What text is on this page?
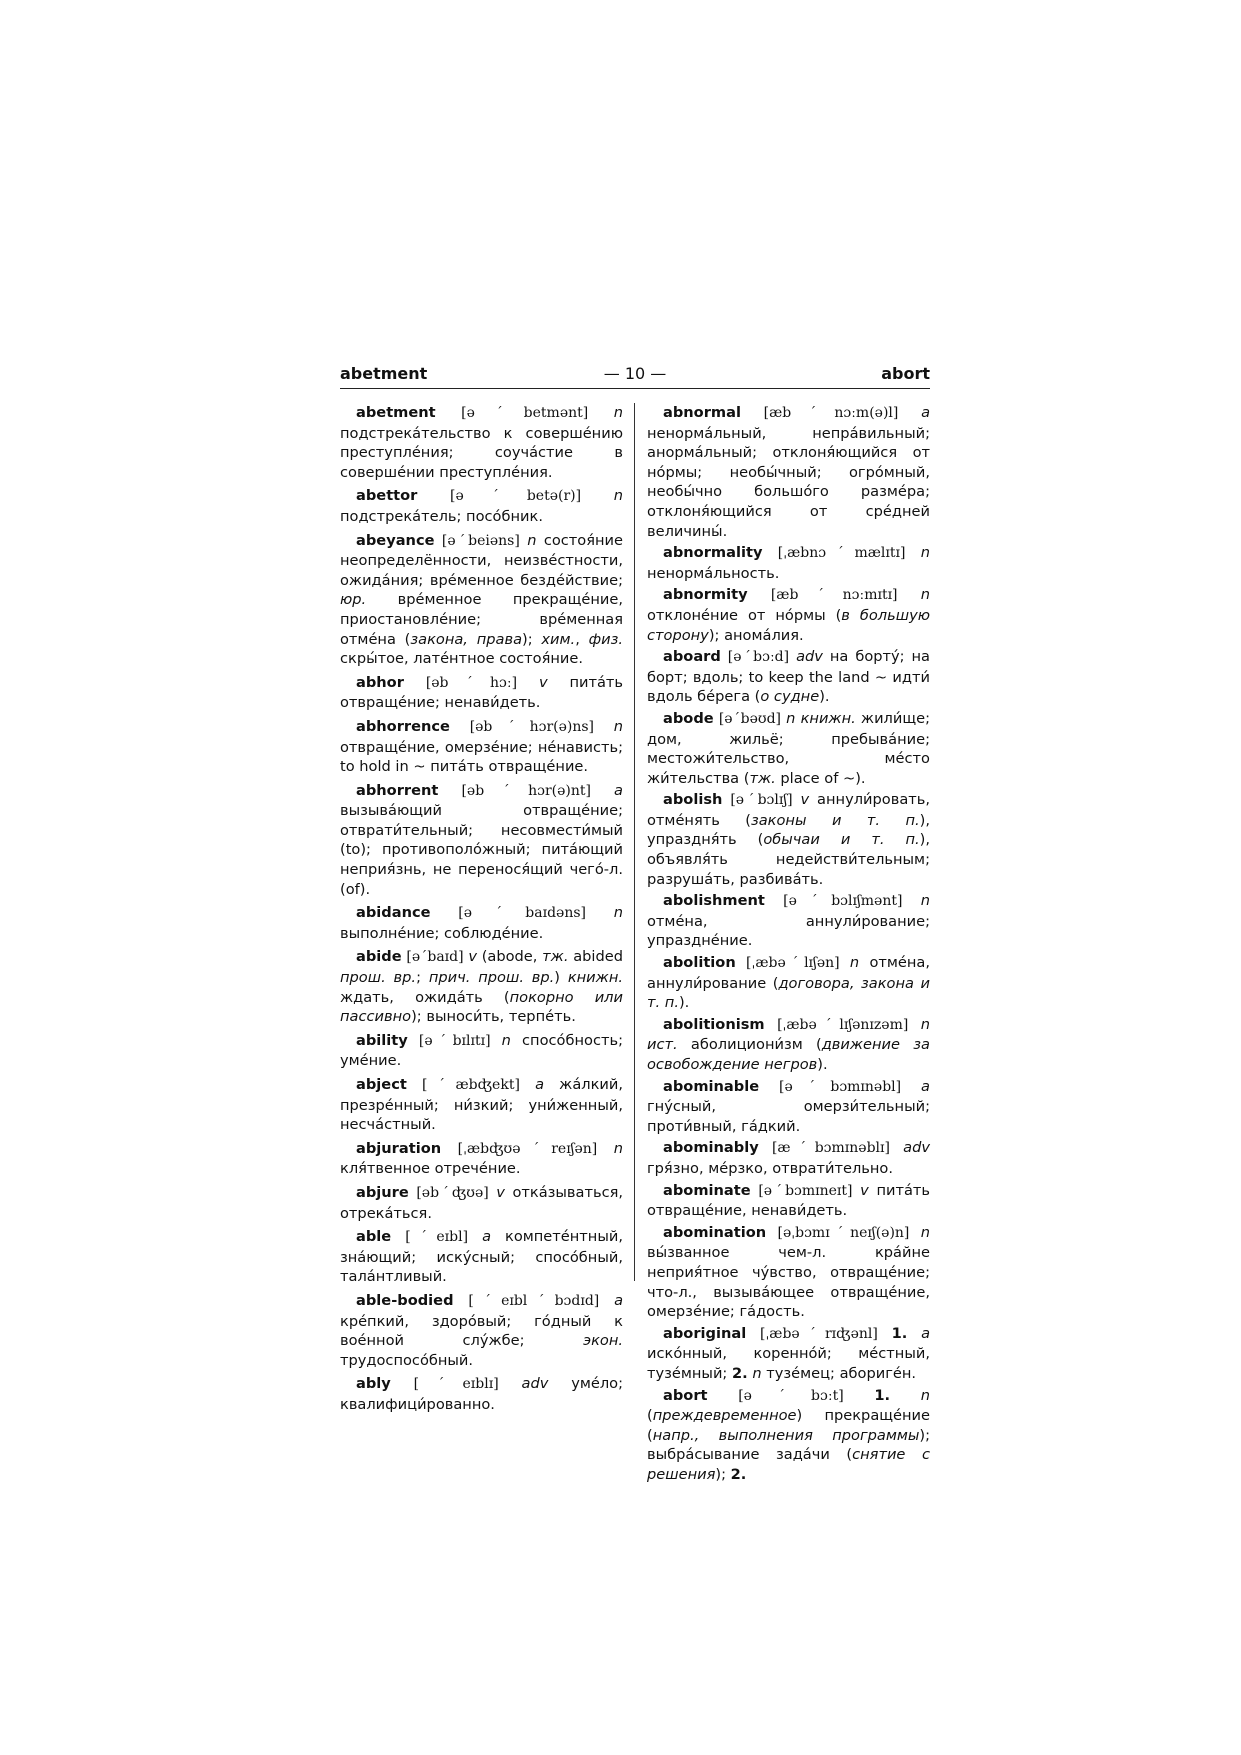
abetment	— 10 —	abort

abetment [əˊbetmənt] n подстрека́тельство к соверше́нию преступле́ния; соуча́стие в соверше́нии преступле́ния.

abettor [əˊbetə(r)] n подстрека́тель; посо́бник.

abeyance [əˊbeiəns] n состоя́ние неопределённости, неизве́стности, ожида́ния; вре́менное безде́йствие; юр. вре́менное прекраще́ние, приостановле́ние; вре́менная отме́на (закона, права); хим., физ. скры́тое, лате́нтное состоя́ние.

abhor [əbˊhɔː] v пита́ть отвраще́ние; ненави́деть.

abhorrence [əbˊhɔr(ə)ns] n отвраще́ние, омерзе́ние; не́нависть; to hold in ~ пита́ть отвраще́ние.

abhorrent [əbˊhɔr(ə)nt] a вызыва́ющий отвраще́ние; отврати́тельный; несовмести́мый (to); противополо́жный; пита́ющий неприя́знь, не перенося́щий чего́-л. (of).

abidance [əˊbaɪdəns] n выполне́ние; соблюде́ние.

abide [əˊbaɪd] v (abode, тж. abided прош. вр.; прич. прош. вр.) книжн. ждать, ожида́ть (покорно или пассивно); выноси́ть, терпе́ть.

ability [əˊbɪlɪtɪ] n спосо́бность; уме́ние.

abject [ˊæbʤekt] a жа́лкий, презре́нный; ни́зкий; уни́женный, несча́стный.

abjuration [ˌæbʤʊəˊreɪʃən] n кля́твенное отрече́ние.

abjure [əbˊʤʊə] v отка́зываться, отрека́ться.

able [ˊeɪbl] a компете́нтный, зна́ющий; иску́сный; спосо́бный, тала́нтливый.

able-bodied [ˊeɪblˊbɔdɪd] a кре́пкий, здоро́вый; го́дный к вое́нной слу́жбе; экон. трудоспосо́бный.

ably [ˊeɪblɪ] adv уме́ло; квалифици́рованно.

abnormal [æbˊnɔːm(ə)l] a ненорма́льный, непра́вильный; анорма́льный; отклоня́ющийся от но́рмы; необы́чный; огро́мный, необы́чно большо́го разме́ра; отклоня́ющийся от сре́дней величины́.

abnormality [ˌæbnɔˊmælɪtɪ] n ненорма́льность.

abnormity [æbˊnɔːmɪtɪ] n отклоне́ние от но́рмы (в большую сторону); анома́лия.

aboard [əˊbɔːd] adv на борту́; на борт; вдоль; to keep the land ~ идти́ вдоль бе́рега (о судне).

abode [əˊbəʊd] n книжн. жили́ще; дом, жильё; пребыва́ние; местожи́тельство, ме́сто жи́тельства (тж. place of ~).

abolish [əˊbɔlɪʃ] v аннули́ровать, отме́нять (законы и т. п.), упраздня́ть (обычаи и т. п.), объявля́ть недействи́тельным; разруша́ть, разбива́ть.

abolishment [əˊbɔlɪʃmənt] n отме́на, аннули́рование; упраздне́ние.

abolition [ˌæbəˊlɪʃən] n отме́на, аннули́рование (договора, закона и т. п.).

abolitionism [ˌæbəˊlɪʃənɪzəm] n ист. аболициони́зм (движение за освобождение негров).

abominable [əˊbɔmɪnəbl] a гну́сный, омерзи́тельный; проти́вный, га́дкий.

abominably [æˊbɔmɪnəblɪ] adv гря́зно, ме́рзко, отврати́тельно.

abominate [əˊbɔmɪneɪt] v пита́ть отвраще́ние, ненави́деть.

abomination [əˌbɔmɪˊneɪʃ(ə)n] n вы́званное чем-л. кра́йне неприя́тное чу́вство, отвраще́ние; что-л., вызыва́ющее отвраще́ние, омерзе́ние; га́дость.

aboriginal [ˌæbəˊrɪʤənl] 1. a иско́нный, коренно́й; ме́стный, тузе́мный; 2. n тузе́мец; абориге́н.

abort [əˊbɔːt] 1. n (преждевременное) прекраще́ние (напр., выполнения программы); выбра́сывание зада́чи (снятие с решения); 2.
